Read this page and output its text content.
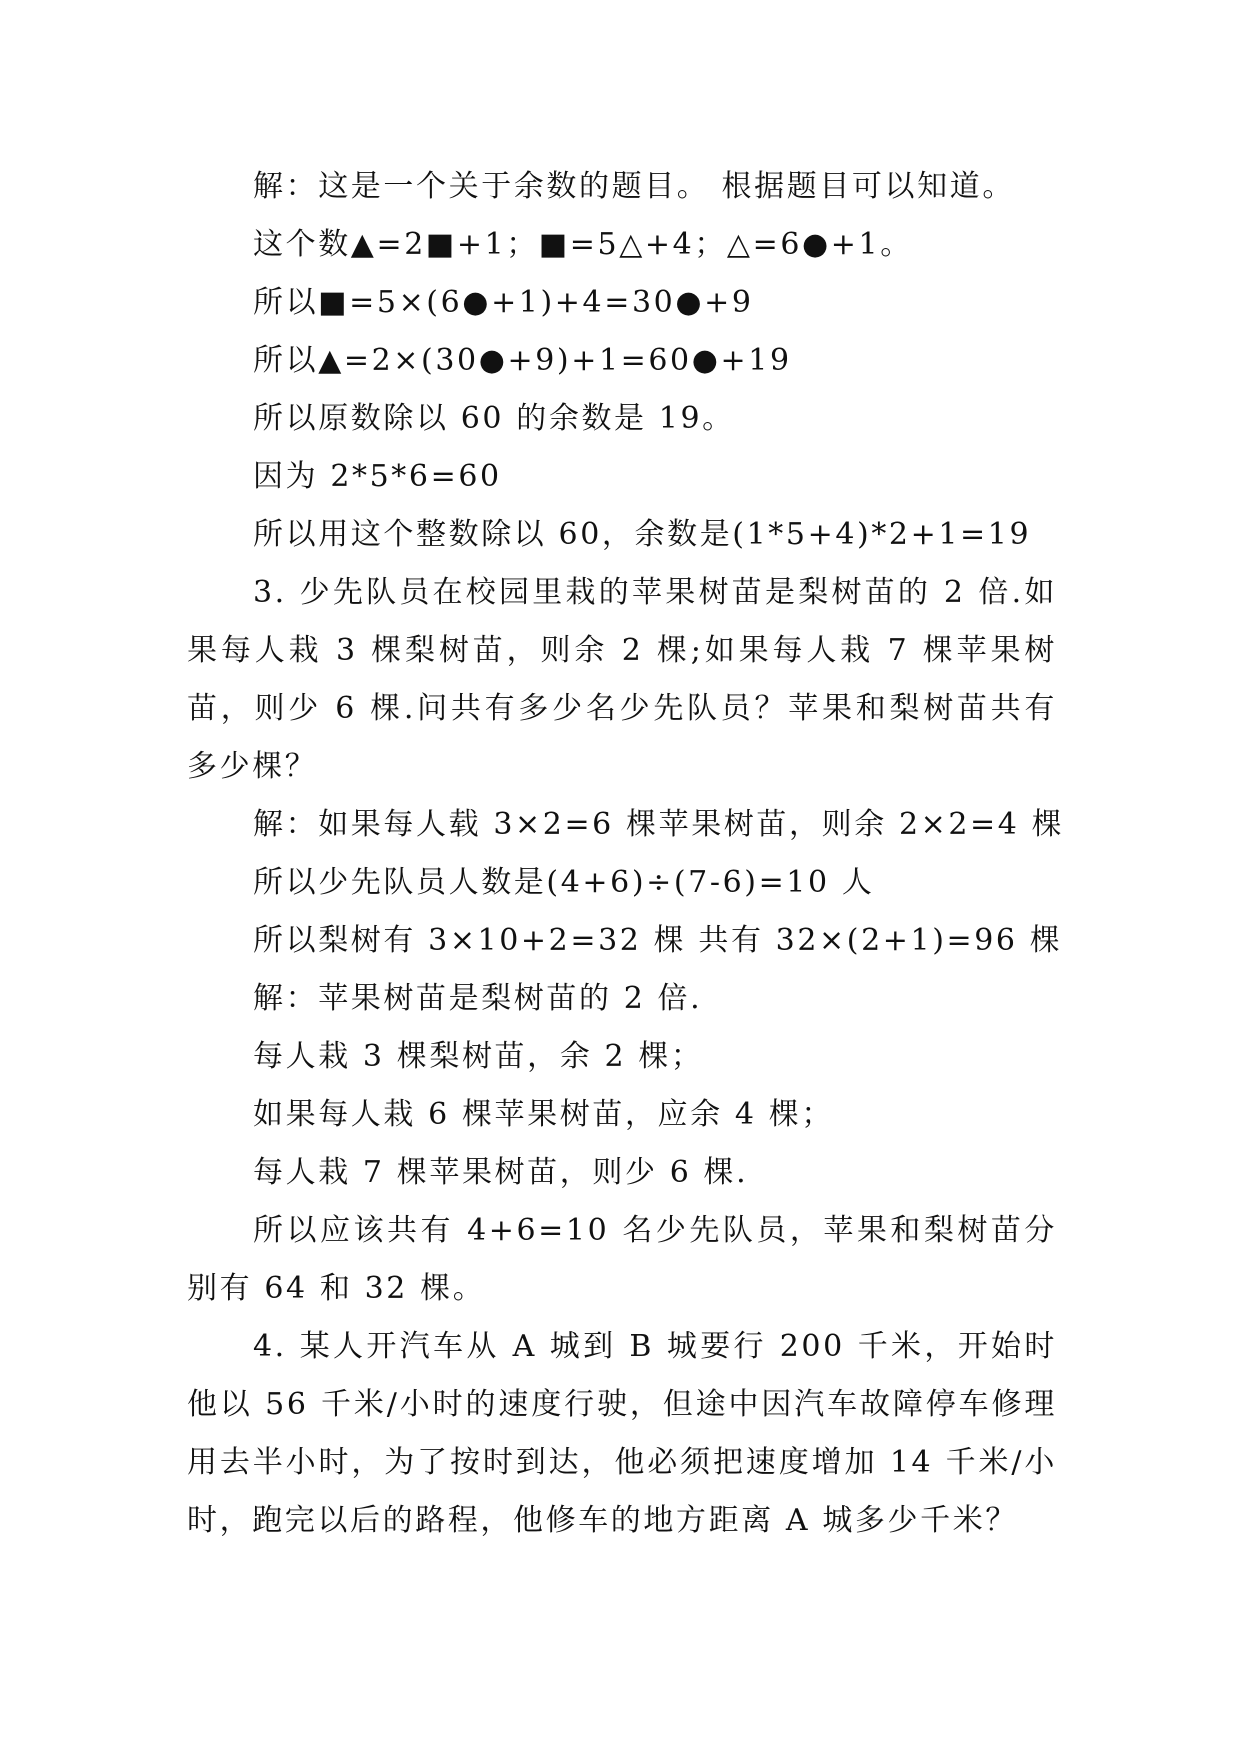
解：这是一个关于余数的题目。 根据题目可以知道。
这个数▲=2■+1；■=5△+4；△=6●+1。
所以■=5×(6●+1)+4=30●+9
所以▲=2×(30●+9)+1=60●+19
所以原数除以 60 的余数是 19。
因为 2*5*6=60
所以用这个整数除以 60，余数是(1*5+4)*2+1=19
3. 少先队员在校园里栽的苹果树苗是梨树苗的 2 倍.如果每人栽 3 棵梨树苗，则余 2 棵;如果每人栽 7 棵苹果树苗，则少 6 棵.问共有多少名少先队员？苹果和梨树苗共有多少棵？
解：如果每人载 3×2=6 棵苹果树苗，则余 2×2=4 棵
所以少先队员人数是(4+6)÷(7-6)=10 人
所以梨树有 3×10+2=32 棵 共有 32×(2+1)=96 棵
解：苹果树苗是梨树苗的 2 倍.
每人栽 3 棵梨树苗，余 2 棵；
如果每人栽 6 棵苹果树苗，应余 4 棵；
每人栽 7 棵苹果树苗，则少 6 棵.
所以应该共有 4+6=10 名少先队员，苹果和梨树苗分别有 64 和 32 棵。
4. 某人开汽车从 A 城到 B 城要行 200 千米，开始时他以 56 千米/小时的速度行驶，但途中因汽车故障停车修理用去半小时，为了按时到达，他必须把速度增加 14 千米/小时，跑完以后的路程，他修车的地方距离 A 城多少千米？
